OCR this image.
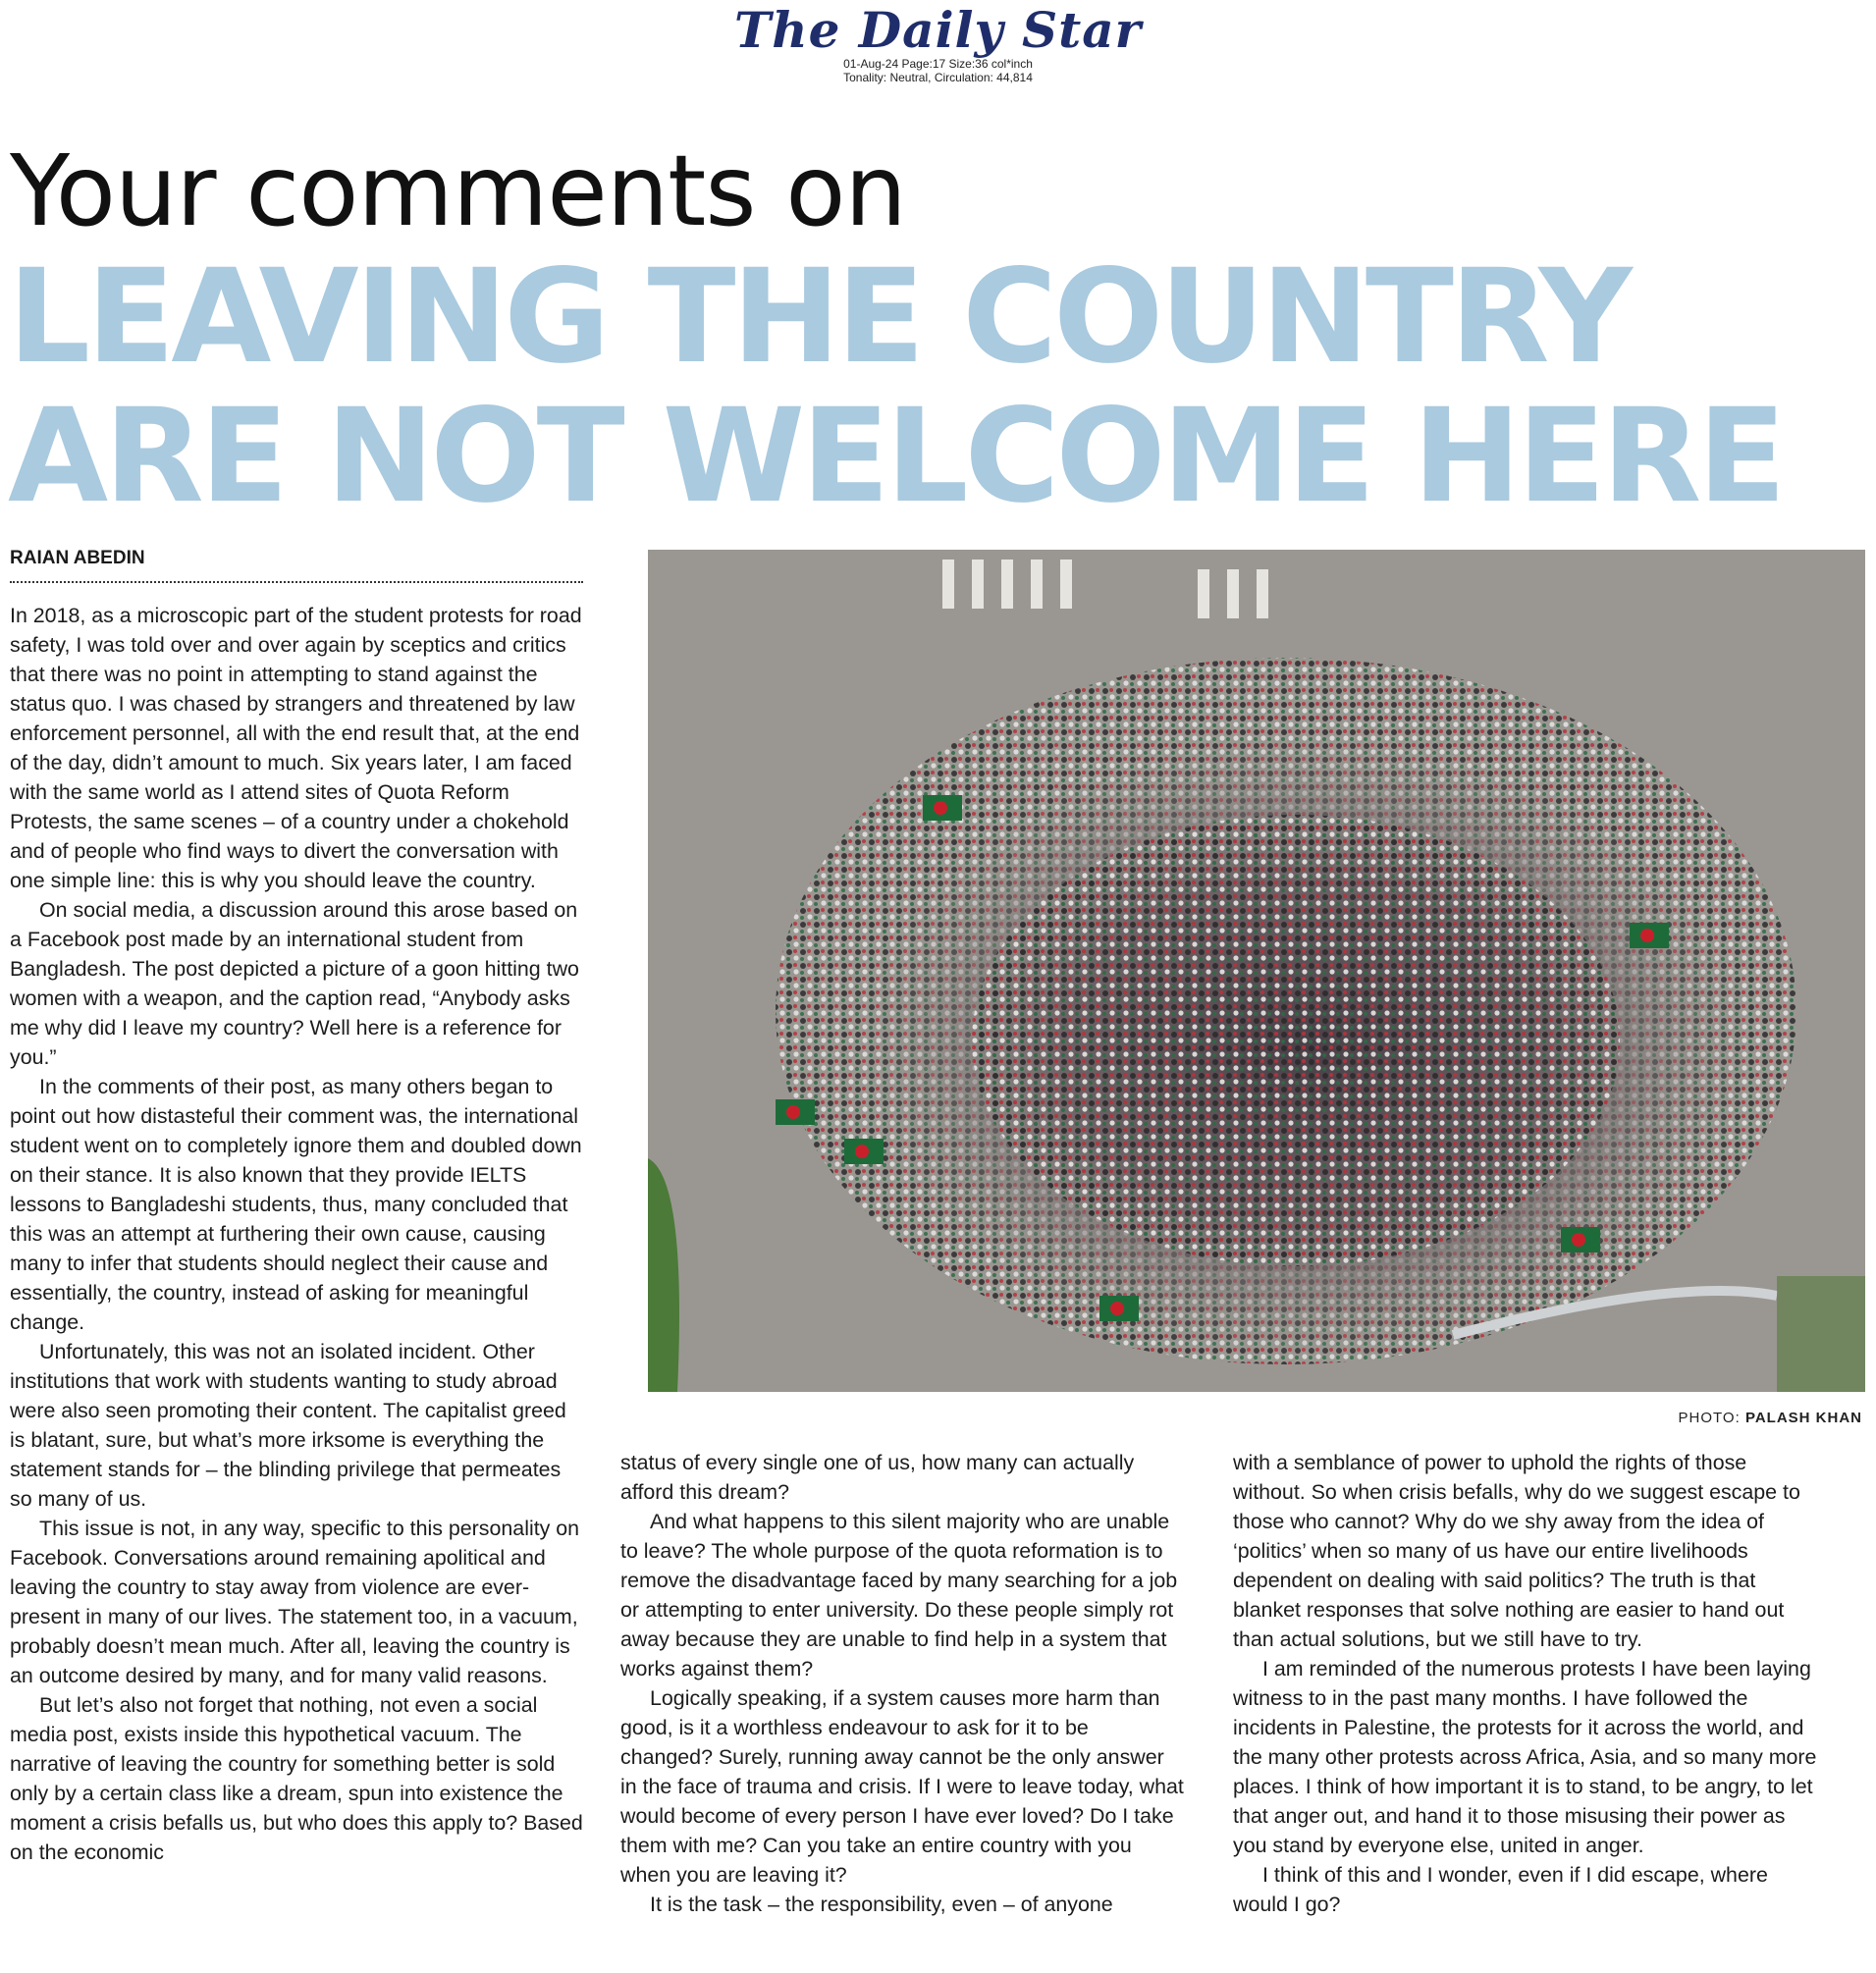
The Daily Star
01-Aug-24 Page:17 Size:36 col*inch
Tonality: Neutral, Circulation: 44,814
Your comments on
LEAVING THE COUNTRY
ARE NOT WELCOME HERE
RAIAN ABEDIN

In 2018, as a microscopic part of the student protests for road safety, I was told over and over again by sceptics and critics that there was no point in attempting to stand against the status quo. I was chased by strangers and threatened by law enforcement personnel, all with the end result that, at the end of the day, didn’t amount to much. Six years later, I am faced with the same world as I attend sites of Quota Reform Protests, the same scenes – of a country under a chokehold and of people who find ways to divert the conversation with one simple line: this is why you should leave the country.

On social media, a discussion around this arose based on a Facebook post made by an international student from Bangladesh. The post depicted a picture of a goon hitting two women with a weapon, and the caption read, “Anybody asks me why did I leave my country? Well here is a reference for you.”

In the comments of their post, as many others began to point out how distasteful their comment was, the international student went on to completely ignore them and doubled down on their stance. It is also known that they provide IELTS lessons to Bangladeshi students, thus, many concluded that this was an attempt at furthering their own cause, causing many to infer that students should neglect their cause and essentially, the country, instead of asking for meaningful change.

Unfortunately, this was not an isolated incident. Other institutions that work with students wanting to study abroad were also seen promoting their content. The capitalist greed is blatant, sure, but what’s more irksome is everything the statement stands for – the blinding privilege that permeates so many of us.

This issue is not, in any way, specific to this personality on Facebook. Conversations around remaining apolitical and leaving the country to stay away from violence are ever-present in many of our lives. The statement too, in a vacuum, probably doesn’t mean much. After all, leaving the country is an outcome desired by many, and for many valid reasons.

But let’s also not forget that nothing, not even a social media post, exists inside this hypothetical vacuum. The narrative of leaving the country for something better is sold only by a certain class like a dream, spun into existence the moment a crisis befalls us, but who does this apply to? Based on the economic

PHOTO: PALASH KHAN

status of every single one of us, how many can actually afford this dream?

And what happens to this silent majority who are unable to leave? The whole purpose of the quota reformation is to remove the disadvantage faced by many searching for a job or attempting to enter university. Do these people simply rot away because they are unable to find help in a system that works against them?

Logically speaking, if a system causes more harm than good, is it a worthless endeavour to ask for it to be changed? Surely, running away cannot be the only answer in the face of trauma and crisis. If I were to leave today, what would become of every person I have ever loved? Do I take them with me? Can you take an entire country with you when you are leaving it?

It is the task – the responsibility, even – of anyone

with a semblance of power to uphold the rights of those without. So when crisis befalls, why do we suggest escape to those who cannot? Why do we shy away from the idea of ‘politics’ when so many of us have our entire livelihoods dependent on dealing with said politics? The truth is that blanket responses that solve nothing are easier to hand out than actual solutions, but we still have to try.

I am reminded of the numerous protests I have been laying witness to in the past many months. I have followed the incidents in Palestine, the protests for it across the world, and the many other protests across Africa, Asia, and so many more places. I think of how important it is to stand, to be angry, to let that anger out, and hand it to those misusing their power as you stand by everyone else, united in anger.

I think of this and I wonder, even if I did escape, where would I go?
